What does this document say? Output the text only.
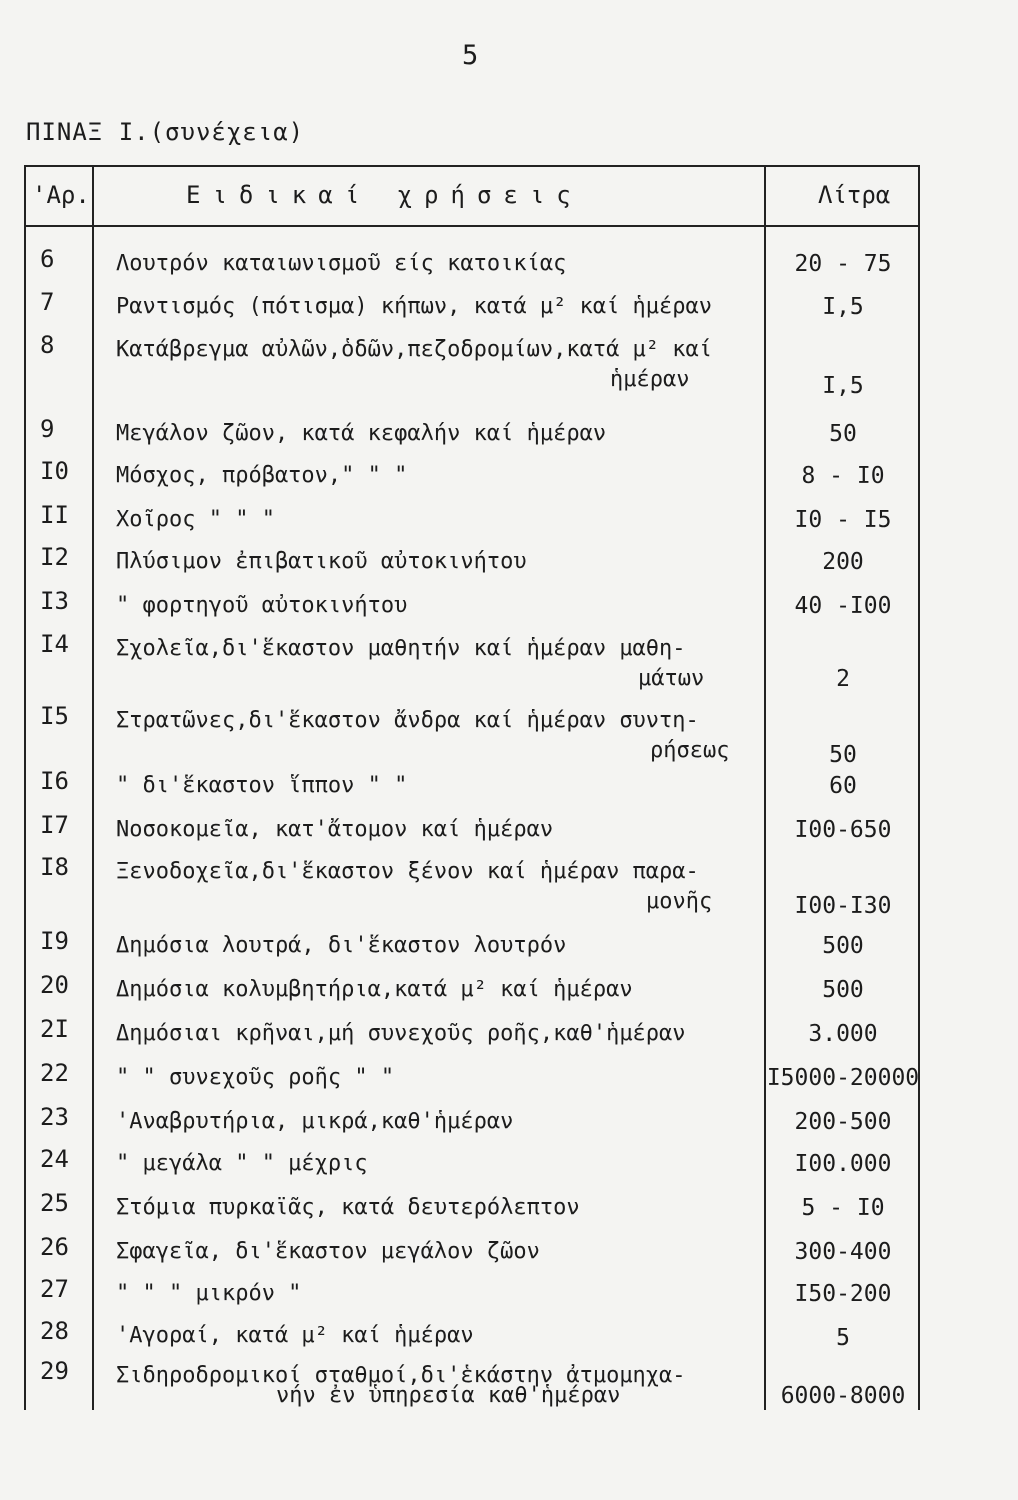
5
ΠΙΝΑΞ Ι.(συνέχεια)
'Αρ.	Ειδικαί χρήσεις	Λίτρα
6	Λουτρόν καταιωνισμοῦ είς κατοικίας	20 - 75
7	Ραντισμός (πότισμα) κήπων, κατά μ² καί ἡμέραν	Ι,5
8	Κατάβρεγμα αὐλῶν,ὁδῶν,πεζοδρομίων,κατά μ² καί
ἡμέραν	Ι,5
9	Μεγάλον ζῶον, κατά κεφαλήν καί ἡμέραν	50
Ι0	Μόσχος, πρόβατον," " "	8 - Ι0
ΙΙ	Χοῖρος " " "	Ι0 - Ι5
Ι2	Πλύσιμον ἐπιβατικοῦ αὐτοκινήτου	200
Ι3	" φορτηγοῦ αὐτοκινήτου	40 -Ι00
Ι4	Σχολεῖα,δι'ἕκαστον μαθητήν καί ἡμέραν μαθη-
μάτων	2
Ι5	Στρατῶνες,δι'ἕκαστον ἄνδρα καί ἡμέραν συντη-
ρήσεως	50
Ι6	" δι'ἕκαστον ἵππον " "	60
Ι7	Νοσοκομεῖα, κατ'ἄτομον καί ἡμέραν	Ι00-650
Ι8	Ξενοδοχεῖα,δι'ἕκαστον ξένον καί ἡμέραν παρα-
μονῆς	Ι00-Ι30
Ι9	Δημόσια λουτρά, δι'ἕκαστον λουτρόν	500
20	Δημόσια κολυμβητήρια,κατά μ² καί ἡμέραν	500
2Ι	Δημόσιαι κρῆναι,μή συνεχοῦς ροῆς,καθ'ἡμέραν	3.000
22	" " συνεχοῦς ροῆς " "	Ι5000-20000
23	'Αναβρυτήρια, μικρά,καθ'ἡμέραν	200-500
24	" μεγάλα " " μέχρις	Ι00.000
25	Στόμια πυρκαϊᾶς, κατά δευτερόλεπτον	5 - Ι0
26	Σφαγεῖα, δι'ἕκαστον μεγάλον ζῶον	300-400
27	" " " μικρόν "	Ι50-200
28	'Αγοραί, κατά μ² καί ἡμέραν	5
29	Σιδηροδρομικοί σταθμοί,δι'ἑκάστην ἀτμομηχα-
νήν ἐν ὑπηρεσία καθ'ἡμέραν	6000-8000
